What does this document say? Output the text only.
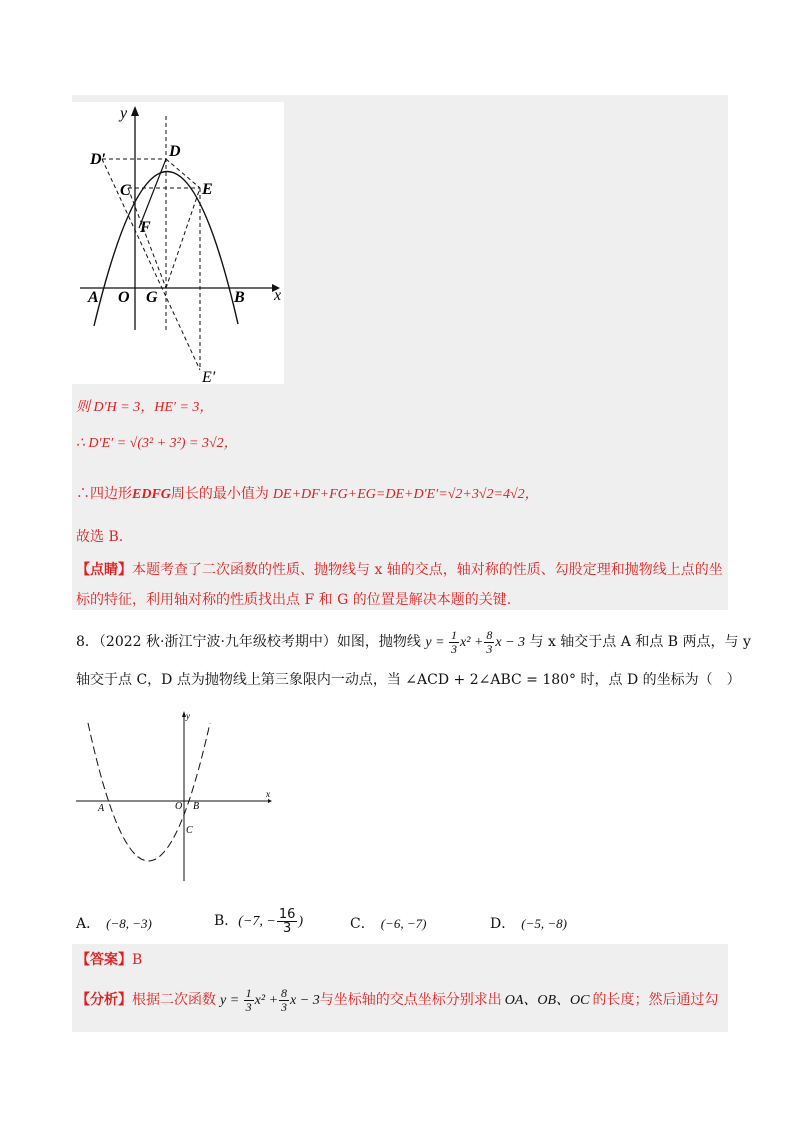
y
x
D
D′
C	E
F
A O G	B
E′
则 D′H = 3，HE′ = 3，
∴ D′E′ = √(3² + 3²) = 3√2，
∴四边形EDFG周长的最小值为 DE+DF+FG+EG=DE+D′E′=√2+3√2=4√2，
故选 B.
【点睛】本题考查了二次函数的性质、抛物线与 x 轴的交点，轴对称的性质、勾股定理和抛物线上点的坐
标的特征，利用轴对称的性质找出点 F 和 G 的位置是解决本题的关键.
8．（2022 秋·浙江宁波·九年级校考期中）如图，抛物线 $y = \frac{1}{3} x^2 + \frac{8}{3}$ x − 3 与 x 轴交于点 A 和点 B 两点，与 y
轴交于点 C，D 点为抛物线上第三象限内一动点，当 ∠ACD + 2∠ABC = 180° 时，点 D 的坐标为（　）
y
x
A	O B
C
A． (−8, −3)	B．(−7, − $\frac{16}{3}$ )	C． (−6, −7)	D． (−5, −8)
【答案】B
【分析】根据二次函数 $y = \frac{1}{3} x^2 + \frac{8}{3}$ x − 3与坐标轴的交点坐标分别求出 OA、OB、OC 的长度；然后通过勾
